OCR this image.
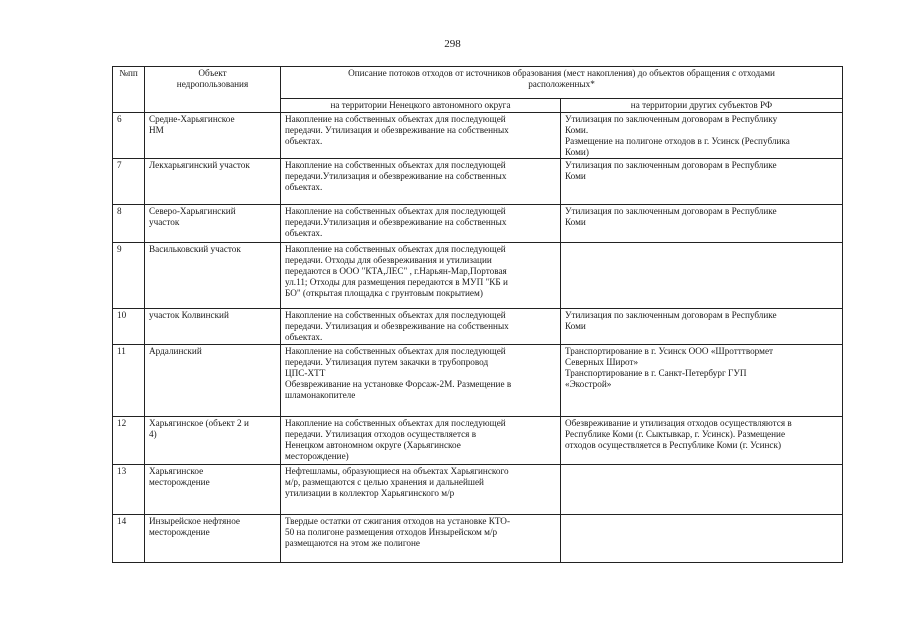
298
№пп	Объект
недропользования	Описание потоков отходов от источников образования (мест накопления) до объектов обращения с отходами
расположенных*	

		на территории Ненецкого автономного округа	на территории других субъектов РФ

6	Средне-Харьягинское
НМ	Накопление на собственных объектах для последующей
передачи. Утилизация и обезвреживание на собственных
объектах.	Утилизация по заключенным договорам в Республику
Коми.
Размещение на полигоне отходов в г. Усинск (Республика
Коми)

7	Лекхарьягинский участок	Накопление на собственных объектах для последующей
передачи.Утилизация и обезвреживание на собственных
объектах.	Утилизация по заключенным договорам в Республике
Коми

8	Северо-Харьягинский
участок	Накопление на собственных объектах для последующей
передачи.Утилизация и обезвреживание на собственных
объектах.	Утилизация по заключенным договорам в Республике
Коми

9	Васильковский участок	Накопление на собственных объектах для последующей
передачи. Отходы для обезвреживания и утилизации
передаются в ООО "КТА,ЛЕС" , г.Нарьян-Мар,Портовая
ул.11; Отходы для размещения передаются в МУП "КБ и
БО" (открытая площадка с грунтовым покрытием)	

10	участок Колвинский	Накопление на собственных объектах для последующей
передачи. Утилизация и обезвреживание на собственных
объектах.	Утилизация по заключенным договорам в Республике
Коми

11	Ардалинский	Накопление на собственных объектах для последующей
передачи. Утилизация путем закачки в трубопровод
ЦПС-ХТТ
Обезвреживание на установке Форсаж-2М. Размещение в
шламонакопителе	Транспортирование в г. Усинск ООО «Шротттвормет
Северных Широт»
Транспортирование в г. Санкт-Петербург ГУП
«Экострой»

12	Харьягинское (объект 2 и
4)	Накопление на собственных объектах для последующей
передачи. Утилизация отходов осуществляется в
Ненецком автономном округе (Харьягинское
месторождение)	Обезвреживание и утилизация отходов осуществляются в
Республике Коми (г. Сыктывкар, г. Усинск). Размещение
отходов осуществляется в Республике Коми (г. Усинск)

13	Харьягинское
месторождение	Нефтешламы, образующиеся на объектах Харьягинского
м/р, размещаются с целью хранения и дальнейшей
утилизации в коллектор Харьягинского м/р	

14	Инзырейское нефтяное
месторождение	Твердые остатки от сжигания отходов на установке КТО-
50 на полигоне размещения отходов Инзырейском м/р
размещаются на этом же полигоне	
